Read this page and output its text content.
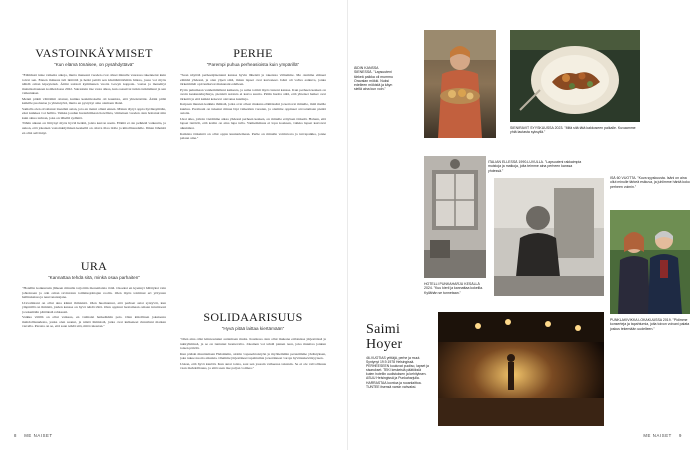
VASTOINKÄYMISET
"Kun elämä tönäisee, on pysähdyttävä"

"Elämässä tulee vaikeita aikoja, mutta meneeni vuoden ovat olleet minulle vaarassa rakennetut kuin toivat sen. Ennen minusta tuli ikätöitä ja hetki pettää sen käsittämättömän hintaa, jossa voi myös nähdä oman kipeytensä. Äitini sairasti kymmenen vuotta Lewyn kappale- vastaa ja menehtyi muistisairauteen kotihoidossa 2022. Sairastuin itse vasta alkaa, kun osasaivat tutkia tutkinmuut ja sen vaikutukset.

Menni pitkät väittämät ottanut, kuinka keskimoiselle oli kaunista, että yhteisöstäni. Äitini pitää kaikille puolustaa ja yhteistyötä, mutta en pystynyt aina olemaan läsnä.

Samalla olen oivaltanut itsestäni asian, jota en tienni olleni ennen. Minun täytyi oppia hyväksymään, ettei kaikkea voi hallita. Vaikka joudun huolehtimaan hotellista, viimeisen vuoden olen hoitanut niin kuin sinua tarinan, joka on lähellä sydäntä.

Tähän aikaan on liittynyt myös hyviä hetkiä, joista kerron usein. Elämä ei ole pelkkää vaikeutta, ja uskon, että jokaisen vastoinkäymisen keskellä on oltava tilaa ilolle ja kiitollisuudelle. Ilman läheisiä en olisi selvinnyt.

URA
"Kannattaa tehdä sitä, minkä osaa parhaiten"

"Hotellin konkurssin jälkeen minulle tarjottiin monenlaisia töitä. Osoeksi en kyennyt hälätyksi vain johtoinaan ja otin oman ravintolan toimitusjohtajan roolin. Olen myös toiminut eri yritysten hallituksissa ja neuvonantajana.

Uravalintani on ollut aina kiinni ihmisistä. Olen huomannut, että parhaat asiat syntyvät, kun ympärillä on ihmisiä, joiden kanssa on hyvä tehdä töitä. Olen oppinut luottamaan omaan intuitiooni ja tekemään päätöksiä rohkeasti.

Vaikka välillä on ollut vaikeaa, en vaihtaisi hetkeäkään pois. Olen kiitollinen jokaisesta mahdollisuudesta, jonka olen saanut, ja niistä ihmisistä, jotka ovat kulkeneet rinnallani matkan varrella. Parasta on se, että saan tehdä sitä, mitä rakastan."

PERHE
"Parempi puhua perheasioista kuin ympärillä"

"Saan näyttää perheenjäsenieni kanssa hyvin läheisiä ja rakentaa väliamme. Me olemme eläneet elämää yhdessä, ja olen ylpeä siitä, miten lapset ovat kasvaneet. Isäni oli vahva esikuva, jonka tärkeimmät opit kulkevat mukanani edelleen.

Pyrin puhumaan vanhemmilleni kaikesta, ja sama toimii myös lasteni kanssa. Kun perheen kesken on avoin keskusteluyhteys, pienistä asioista ei kasva suuria. Pidän huolta siitä, että yhteiset hetket ovat tärkeitä ja että kaikki kokevat olevansa kuultuja.

Kaipaan muuten kaikkia ihmisiä, jotka ovat olleet mukana elämässäni ja kertovat minulle, mitä meille kuuluu. Puolisoni on tukenut minua läpi vaikeiden vuosien, ja olemme oppineet arvostamaan pieniä asioita.

Uusi aika, jolloin vietämme aikaa yhdessä perheen kesken, on minulle erityisen tärkeää. Haluan, että lapset tietävät, että kotiin on aina lupa tulla. Vanhemmuus ei lopu koskaan, vaikka lapset kasvavat aikuisiksi.

Kaikista tärkeintä on ollut oppia kuuntelemaan. Perhe on minulle voimavara ja turvapaikka, jonne palaan aina."

SOLIDAARISUUS
"Hyvä pitää laittaa kiertämään"

"Olen aina ollut kiinnostunut auttamaan muita. Koulussa olen ollut mukana erilaisissa järjestöissä ja tukiryhmissä, ja se on tuntunut luontevalta. Jokainen voi tehdä pienen teon, joka muuttaa jonkun toisen päivää.

Kun pääsin muuttamaan Helsinkiin, aloitin vapaaehtoistyön ja myöhemmin perustimme yhdistyksen, joka tukee nuoria aikuisia. Olemme järjestäneet tapahtumia ja keränneet varoja hyväntekeväisyyteen.

Uskon, että hyvä kiertää. Kun autat toista, saat sen jossain vaiheessa takaisin. Se ei ole velvollisuus vaan mahdollisuus, ja siitä saan itse paljon voimaa."

8 ME NAISET
ÄIDIN KANSSA SIENESSÄ. "Lapsuuteni tärkeä paikka oli mummu Oravalan mökki. Nuksi edelleen mökistä ja käyn siellä aina kun voin."
SIENIRAVIT SYYSKUUSSA 2023. "Mitä sitä tätä kakkoseen paikalle. Kuvaamme yhtä lautasta syksyllä."
ITALIAN ELLESSÄ 1990-LUVULLA. "Lapsuuteni rakkaimpia muistoja ja matkoja, joita teimme aina perheen kanssa yhdessä."
ISÄ 60 VUOTTA. "Kuva syyskuusta. Isäni on aina ollut minulle tärkeä esikuva, ja juhlimme häntä koko perheen voimin."
HOTELLI PUNKAHARJU KESÄLLÄ 2024. "Kuu kierii ja kannattaa kokeilla. Kyllähän se tunnetaan."
Saimi
Hoyer
46-VUOTIAS yrittäjä, perhe ja muut. Syntynyt 19.9.1978 Helsingissä. PERHEESEEN kuuluvat puoliso, lapset ja sisarukset. TEKI keskeisiä päätöksiä kuten hotellin uudistuksen ja kehityksen. ASUU Helsingissä ja Punkaharjulla. HARRASTAA luontoa ja ruoanlaittoa. TUNTEE itsensä varsin vahvaksi.
PUNKLAKIVIKKA LOKAKUUSSA 2019. "Pidimme konserteja ja tapahtumia, joita toivon voivani palata joskus tekemään uudelleen."
ME NAISET 9
